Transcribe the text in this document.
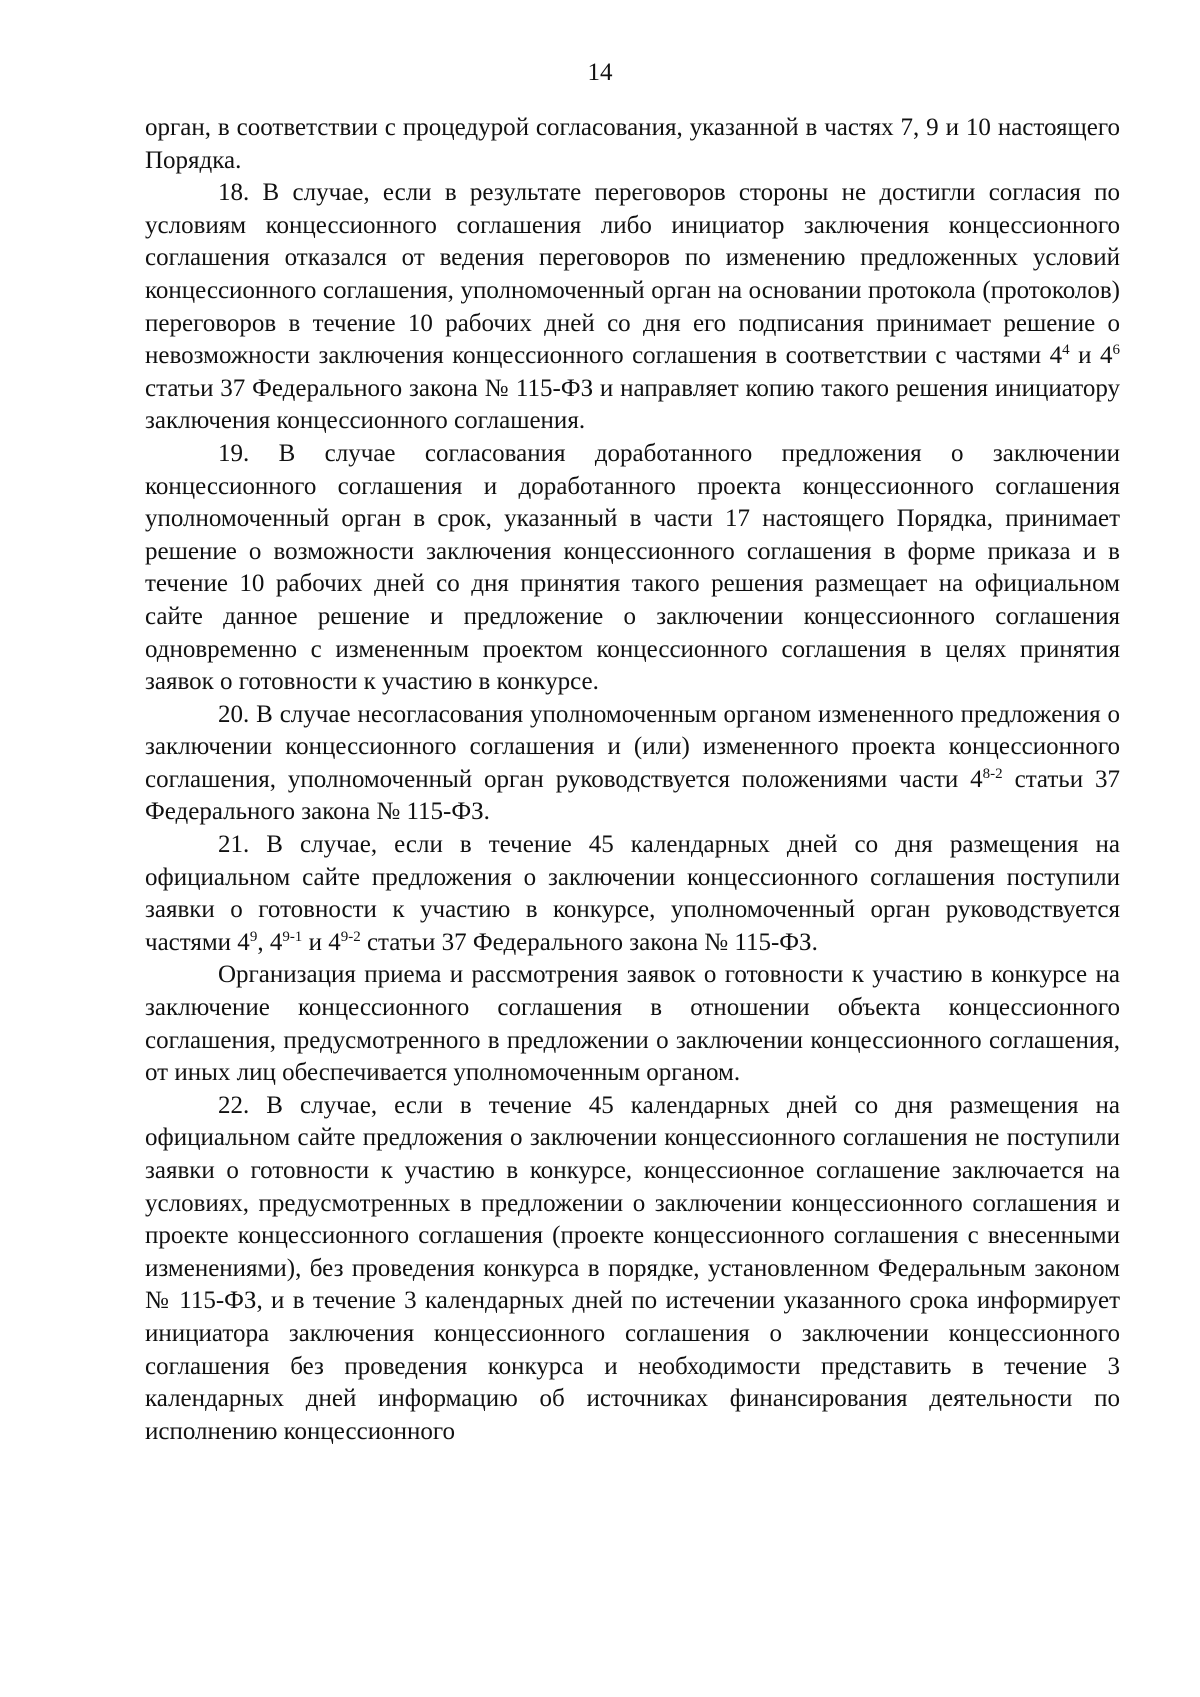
14

орган, в соответствии с процедурой согласования, указанной в частях 7, 9 и 10 настоящего Порядка.

18. В случае, если в результате переговоров стороны не достигли согласия по условиям концессионного соглашения либо инициатор заключения концессионного соглашения отказался от ведения переговоров по изменению предложенных условий концессионного соглашения, уполномоченный орган на основании протокола (протоколов) переговоров в течение 10 рабочих дней со дня его подписания принимает решение о невозможности заключения концессионного соглашения в соответствии с частями $4^4$ и $4^6$ статьи 37 Федерального закона № 115-ФЗ и направляет копию такого решения инициатору заключения концессионного соглашения.

19. В случае согласования доработанного предложения о заключении концессионного соглашения и доработанного проекта концессионного соглашения уполномоченный орган в срок, указанный в части 17 настоящего Порядка, принимает решение о возможности заключения концессионного соглашения в форме приказа и в течение 10 рабочих дней со дня принятия такого решения размещает на официальном сайте данное решение и предложение о заключении концессионного соглашения одновременно с измененным проектом концессионного соглашения в целях принятия заявок о готовности к участию в конкурсе.

20. В случае несогласования уполномоченным органом измененного предложения о заключении концессионного соглашения и (или) измененного проекта концессионного соглашения, уполномоченный орган руководствуется положениями части 4$^{8-2}$ статьи 37 Федерального закона № 115-ФЗ.

21. В случае, если в течение 45 календарных дней со дня размещения на официальном сайте предложения о заключении концессионного соглашения поступили заявки о готовности к участию в конкурсе, уполномоченный орган руководствуется частями $4^9$, 4$^{9-1}$ и 4$^{9-2}$ статьи 37 Федерального закона № 115-ФЗ.

Организация приема и рассмотрения заявок о готовности к участию в конкурсе на заключение концессионного соглашения в отношении объекта концессионного соглашения, предусмотренного в предложении о заключении концессионного соглашения, от иных лиц обеспечивается уполномоченным органом.

22. В случае, если в течение 45 календарных дней со дня размещения на официальном сайте предложения о заключении концессионного соглашения не поступили заявки о готовности к участию в конкурсе, концессионное соглашение заключается на условиях, предусмотренных в предложении о заключении концессионного соглашения и проекте концессионного соглашения (проекте концессионного соглашения с внесенными изменениями), без проведения конкурса в порядке, установленном Федеральным законом № 115-ФЗ, и в течение 3 календарных дней по истечении указанного срока информирует инициатора заключения концессионного соглашения о заключении концессионного соглашения без проведения конкурса и необходимости представить в течение 3 календарных дней информацию об источниках финансирования деятельности по исполнению концессионного
